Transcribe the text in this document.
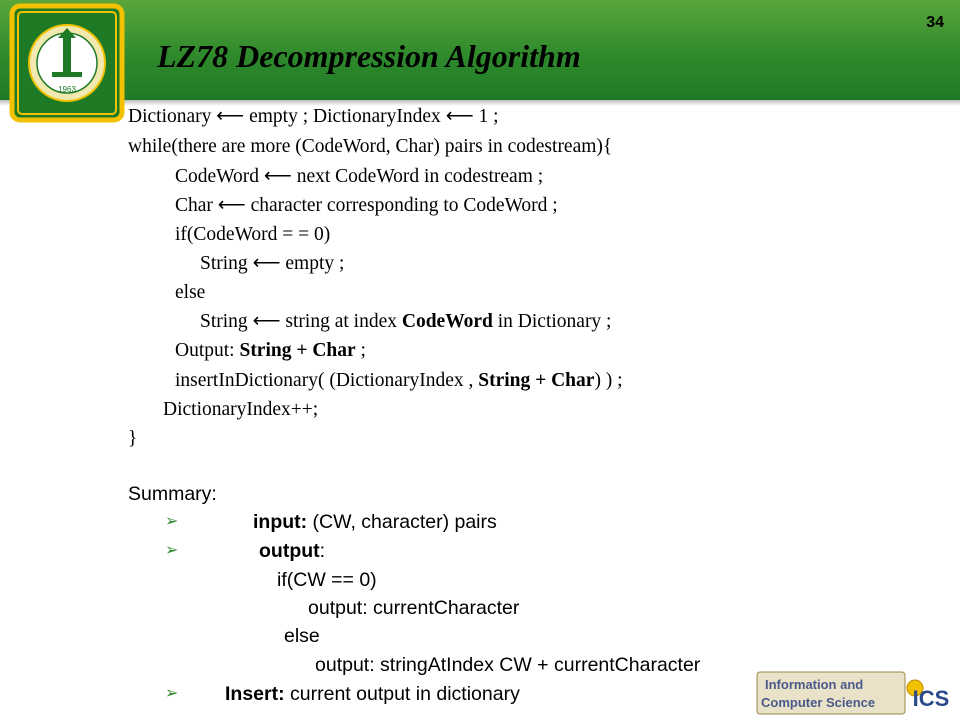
1963
34
LZ78 Decompression Algorithm
Dictionary ⟵ empty ; DictionaryIndex ⟵ 1 ;
while(there are more (CodeWord, Char) pairs in codestream){
CodeWord ⟵ next CodeWord in codestream ;
Char ⟵ character corresponding to CodeWord ;
if(CodeWord = = 0)
String ⟵ empty ;
else
String ⟵ string at index CodeWord in Dictionary ;
Output: String + Char ;
insertInDictionary( (DictionaryIndex , String + Char) ) ;
DictionaryIndex++;
}
Summary:
➢	input: (CW, character) pairs
➢	output:
if(CW == 0)
output: currentCharacter
else
output: stringAtIndex CW + currentCharacter
➢ Insert: current output in dictionary	Information and
Computer Science ICS
